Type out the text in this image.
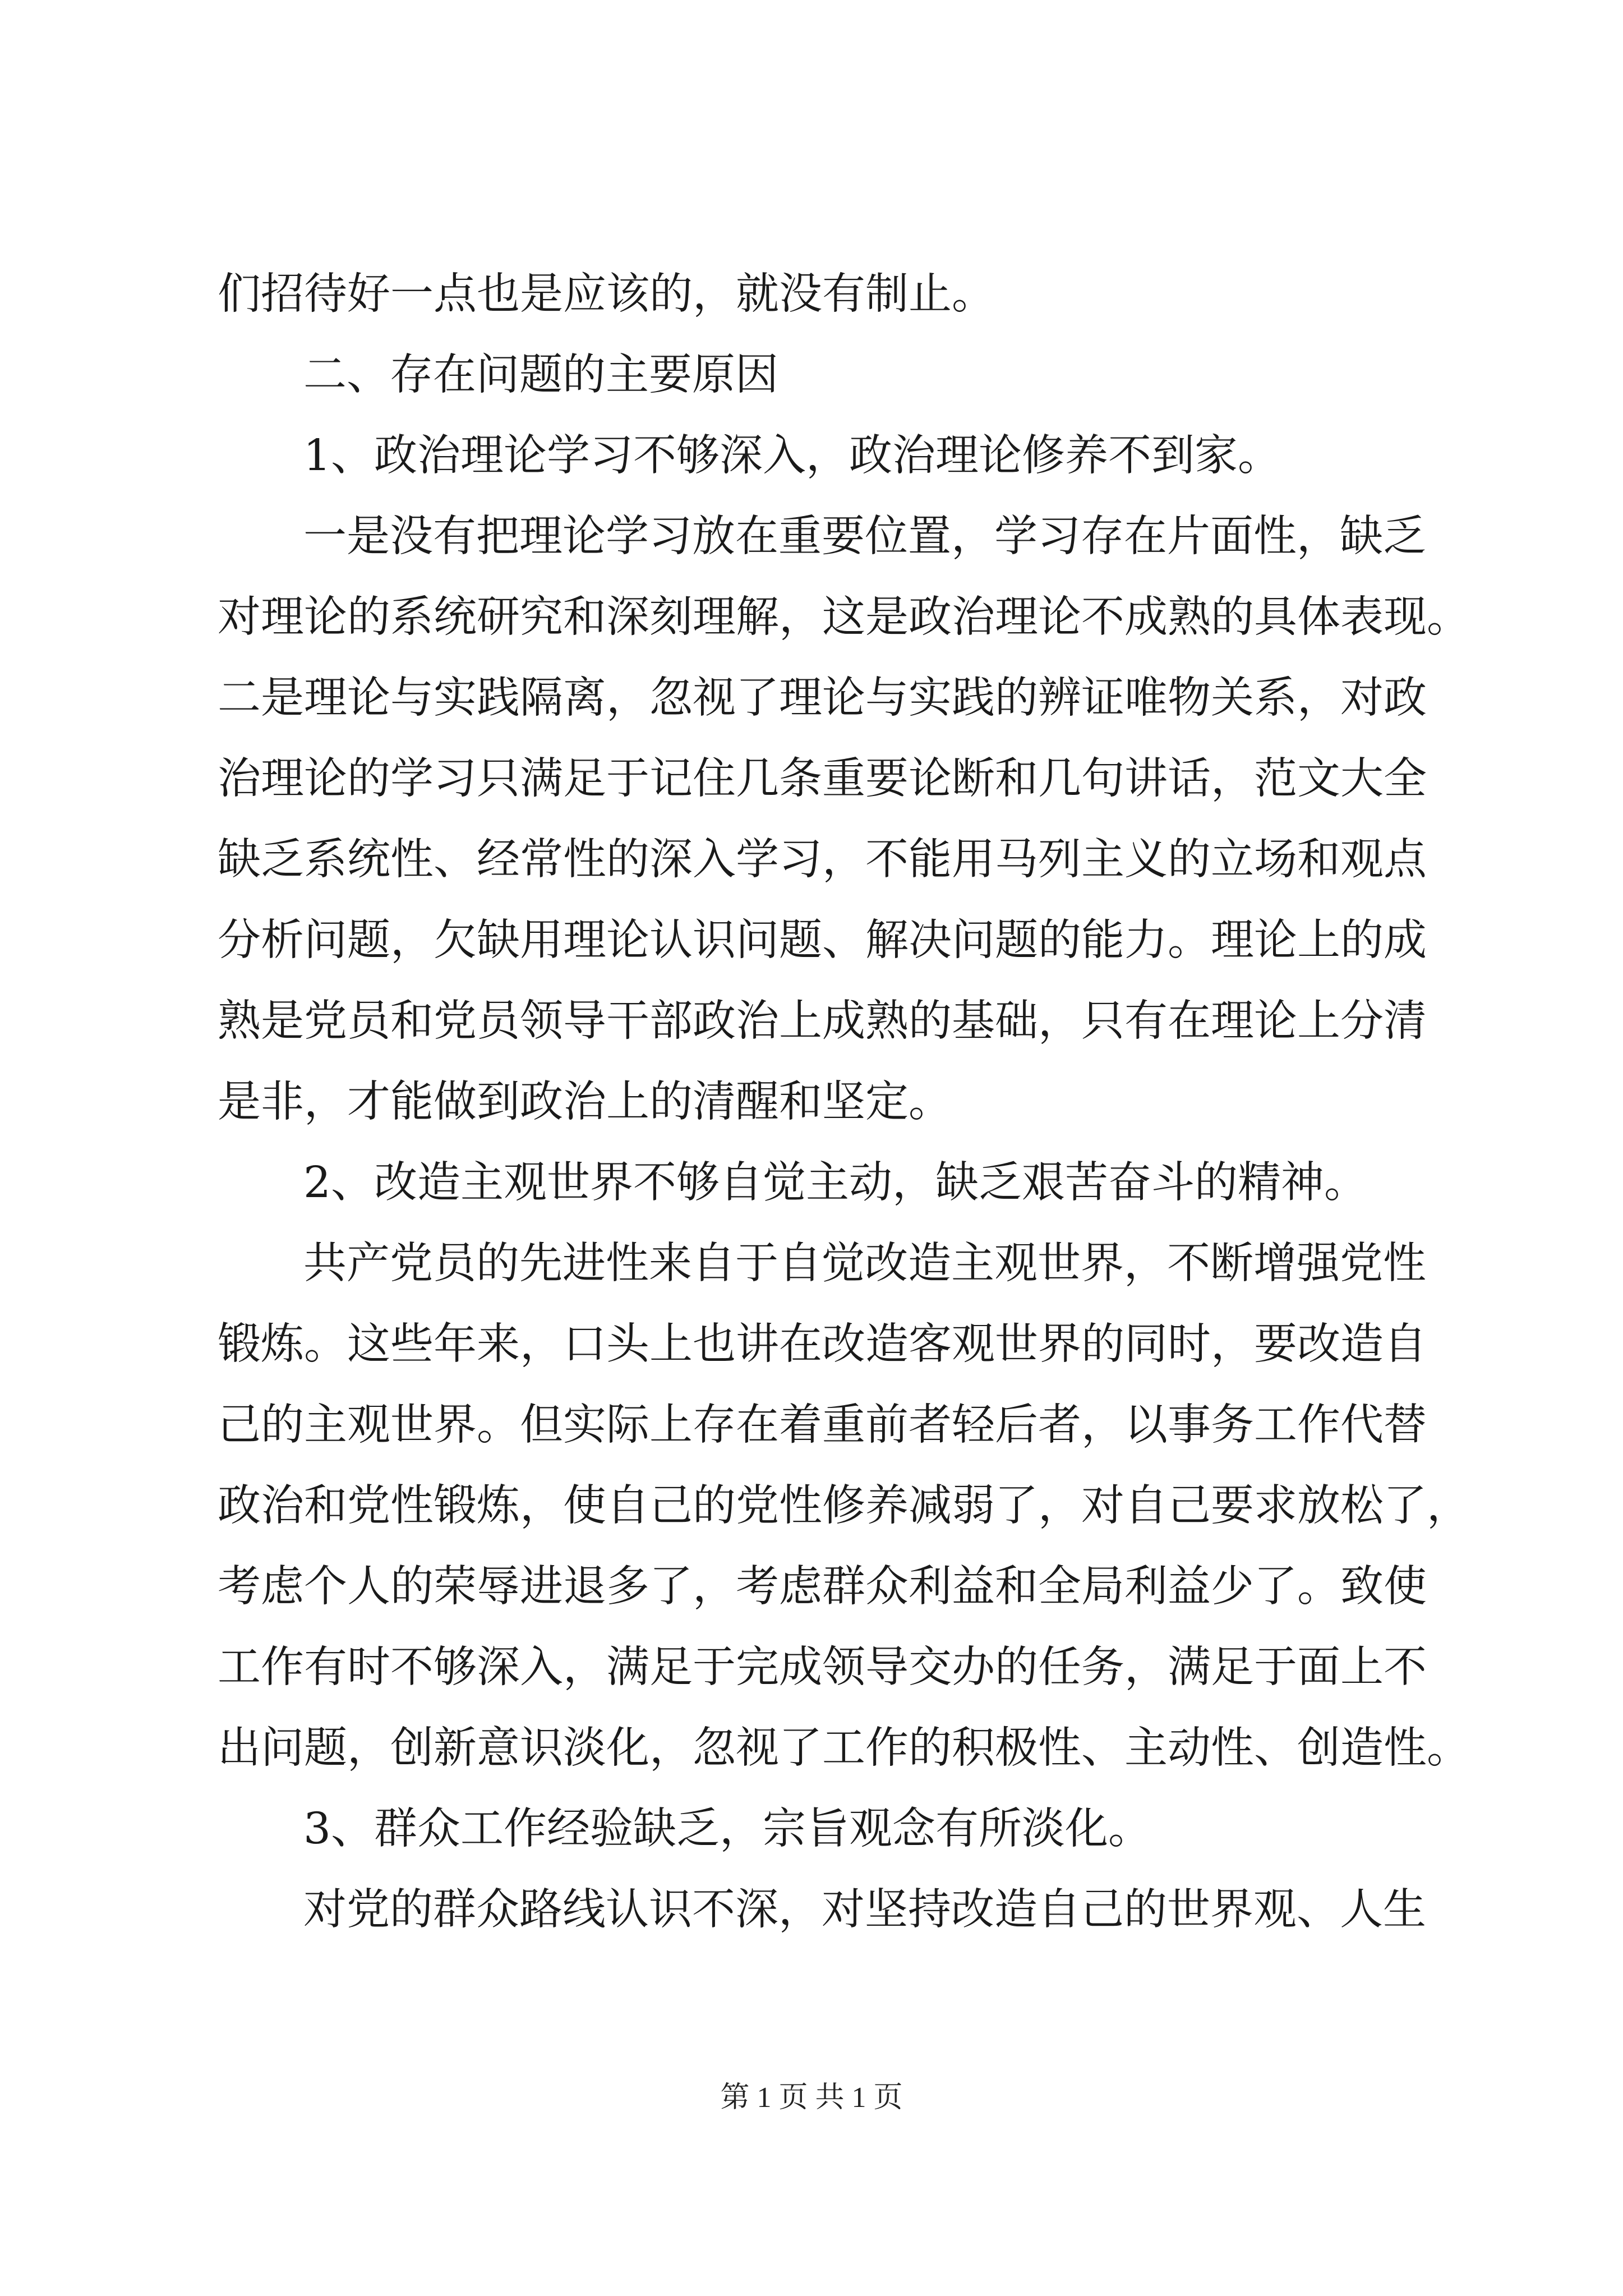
们招待好一点也是应该的，就没有制止。
二、存在问题的主要原因
1、政治理论学习不够深入，政治理论修养不到家。
一是没有把理论学习放在重要位置，学习存在片面性，缺乏
对理论的系统研究和深刻理解，这是政治理论不成熟的具体表现。
二是理论与实践隔离，忽视了理论与实践的辨证唯物关系，对政
治理论的学习只满足于记住几条重要论断和几句讲话，范文大全
缺乏系统性、经常性的深入学习，不能用马列主义的立场和观点
分析问题，欠缺用理论认识问题、解决问题的能力。理论上的成
熟是党员和党员领导干部政治上成熟的基础，只有在理论上分清
是非，才能做到政治上的清醒和坚定。
2、改造主观世界不够自觉主动，缺乏艰苦奋斗的精神。
共产党员的先进性来自于自觉改造主观世界，不断增强党性
锻炼。这些年来，口头上也讲在改造客观世界的同时，要改造自
己的主观世界。但实际上存在着重前者轻后者，以事务工作代替
政治和党性锻炼，使自己的党性修养减弱了，对自己要求放松了，
考虑个人的荣辱进退多了，考虑群众利益和全局利益少了。致使
工作有时不够深入，满足于完成领导交办的任务，满足于面上不
出问题，创新意识淡化，忽视了工作的积极性、主动性、创造性。
3、群众工作经验缺乏，宗旨观念有所淡化。
对党的群众路线认识不深，对坚持改造自己的世界观、人生
第 1 页 共 1 页
